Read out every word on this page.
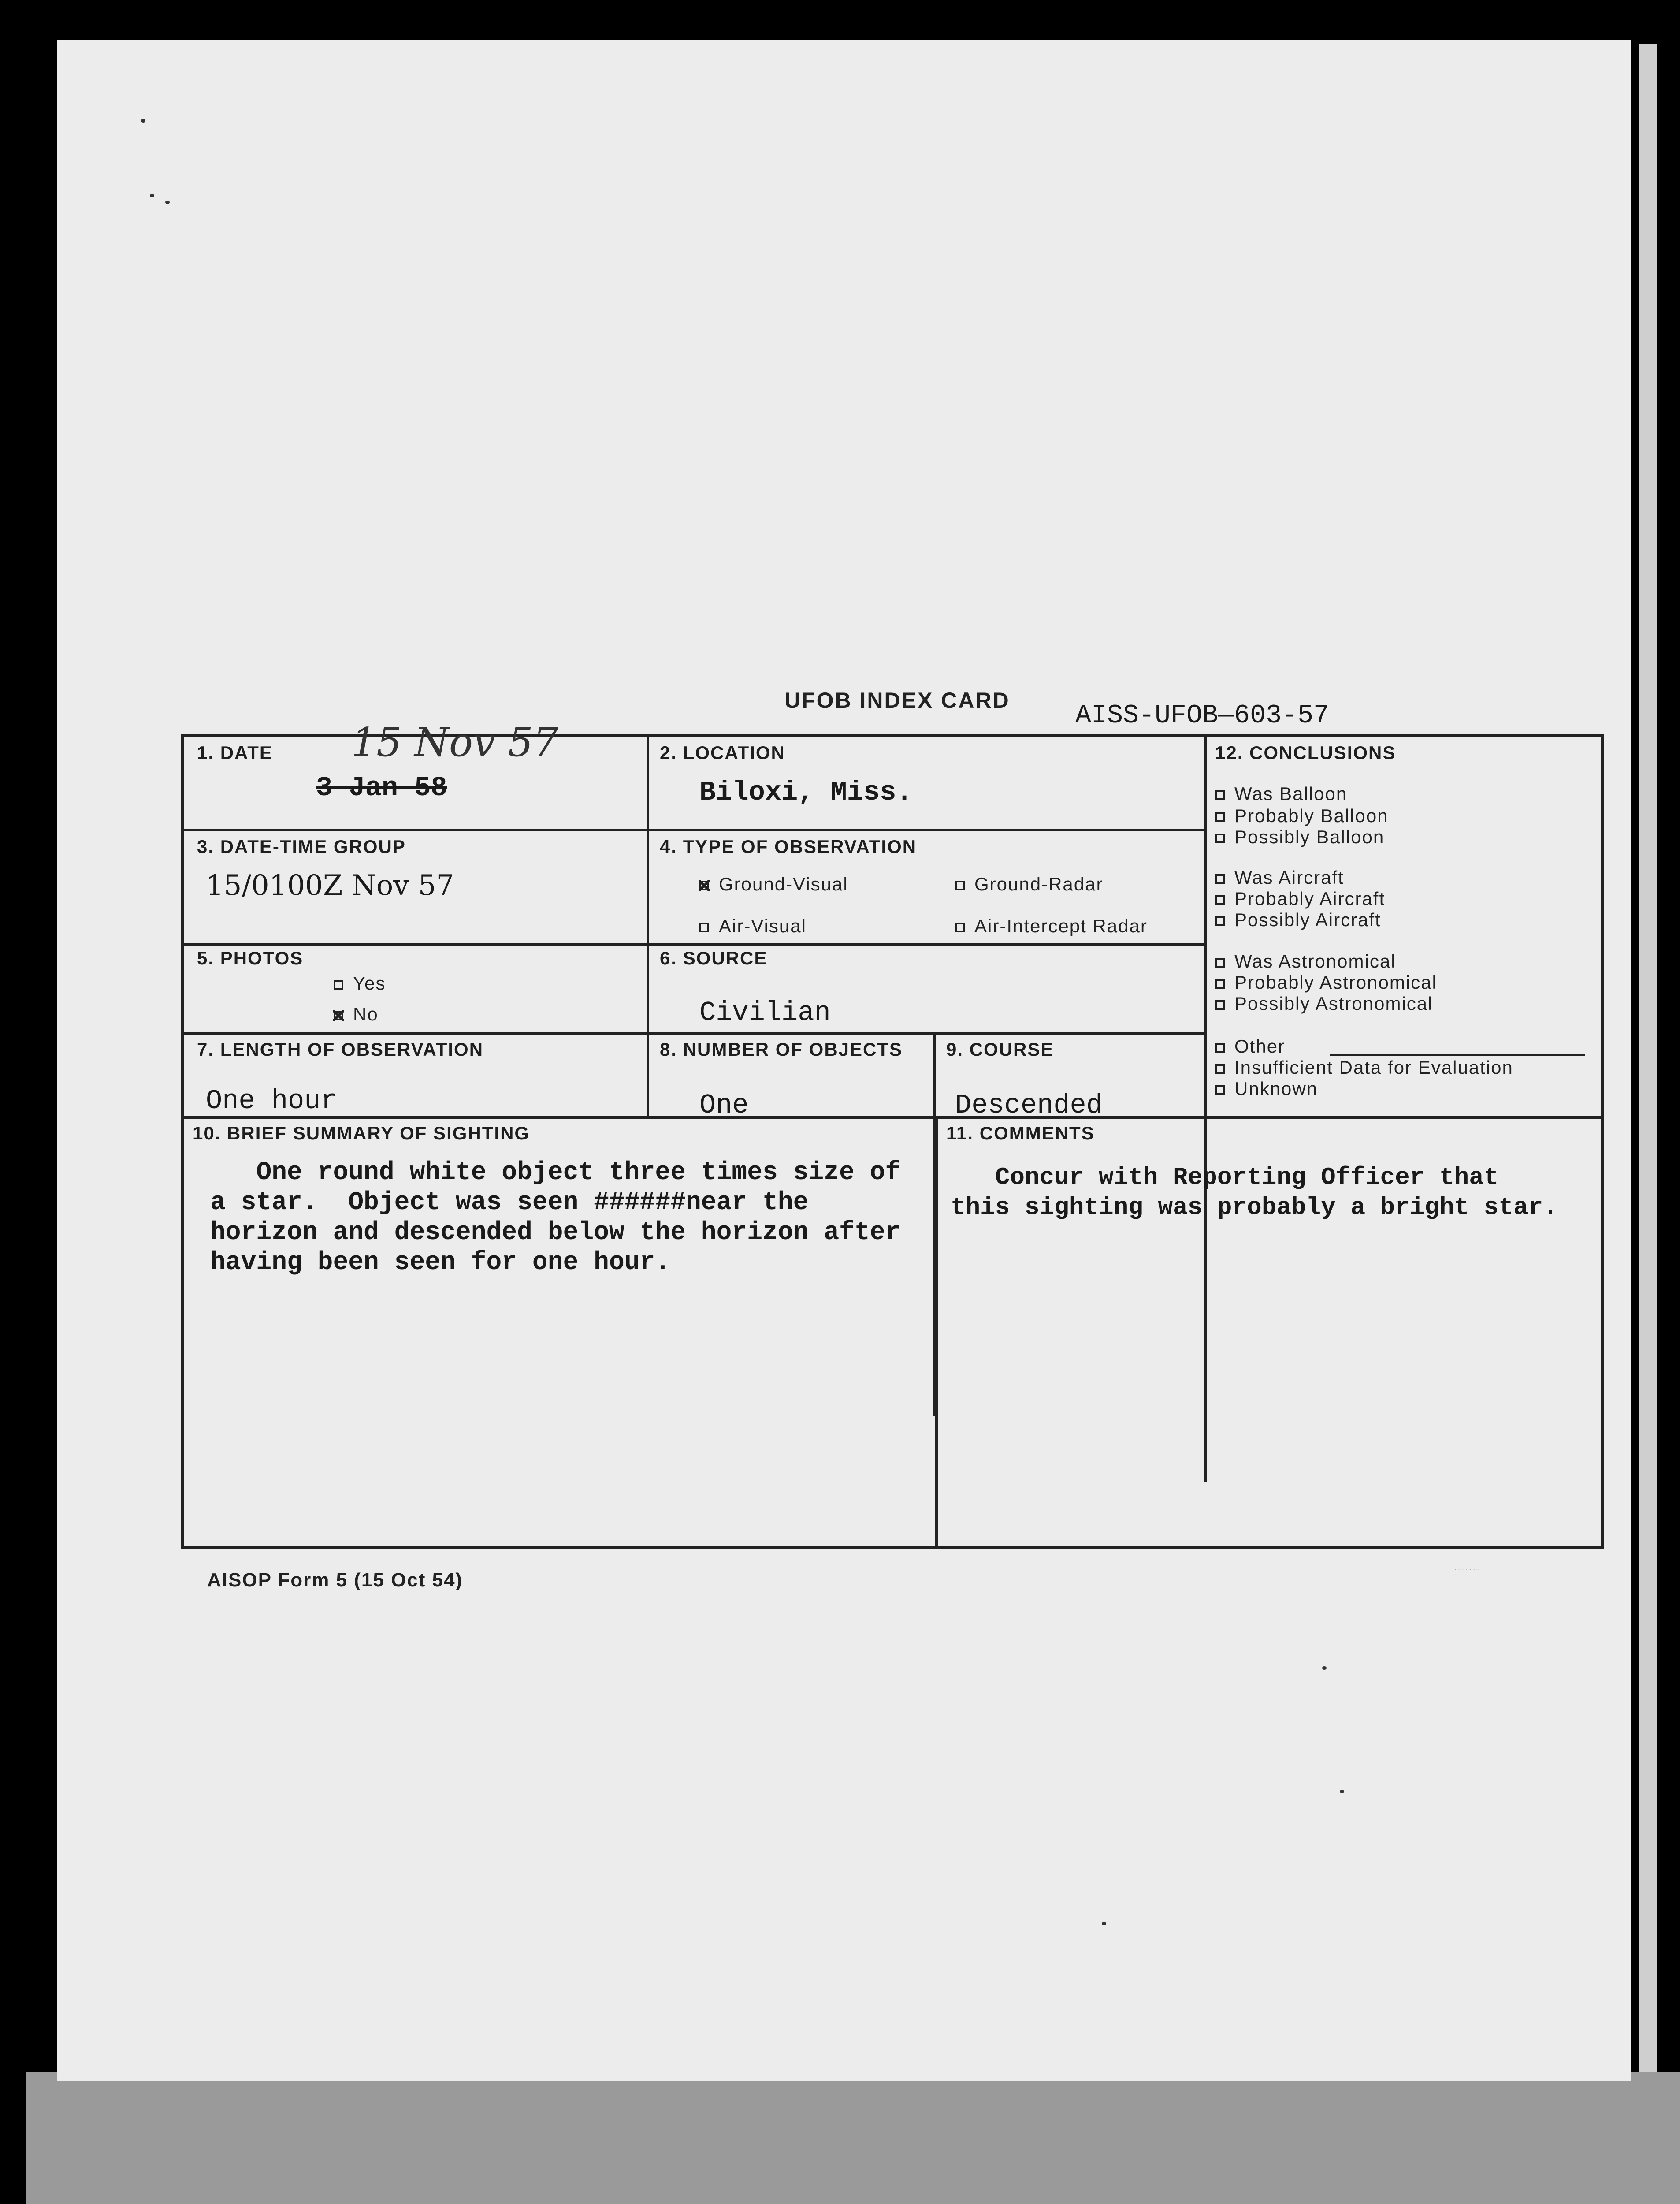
UFOB INDEX CARD
AISS-UFOB—603-57
1. DATE 15 Nov 57
3 Jan 58
2. LOCATION
Biloxi, Miss.
3. DATE-TIME GROUP
15/0100Z Nov 57
4. TYPE OF OBSERVATION
Ground-Visual	Ground-Radar
Air-Visual	Air-Intercept Radar
5. PHOTOS
Yes
No
6. SOURCE
Civilian
7. LENGTH OF OBSERVATION
One hour
8. NUMBER OF OBJECTS
One
9. COURSE
Descended
12. CONCLUSIONS
Was Balloon
Probably Balloon
Possibly Balloon
Was Aircraft
Probably Aircraft
Possibly Aircraft
Was Astronomical
Probably Astronomical
Possibly Astronomical
Other
Insufficient Data for Evaluation
Unknown
10. BRIEF SUMMARY OF SIGHTING
One round white object three times size of
a star.  Object was seen ######near the
horizon and descended below the horizon after
having been seen for one hour.
11. COMMENTS
Concur with Reporting Officer that
this sighting was probably a bright star.
AISOP Form 5 (15 Oct 54)	· · · · · · ·
